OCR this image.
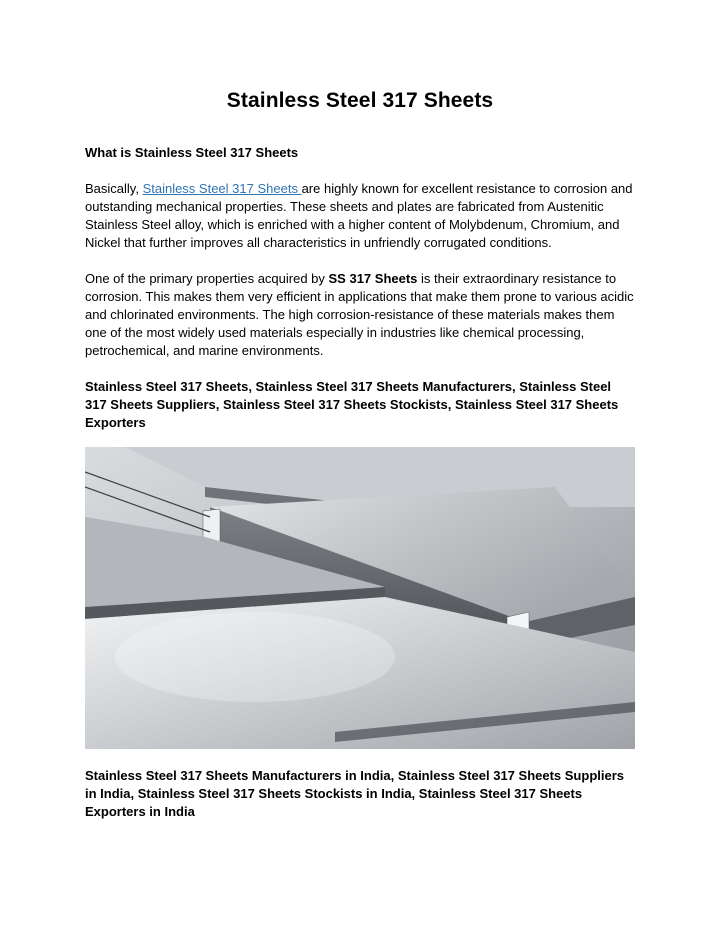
Stainless Steel 317 Sheets
What is Stainless Steel 317 Sheets

Basically, Stainless Steel 317 Sheets are highly known for excellent resistance to corrosion and outstanding mechanical properties. These sheets and plates are fabricated from Austenitic Stainless Steel alloy, which is enriched with a higher content of Molybdenum, Chromium, and Nickel that further improves all characteristics in unfriendly corrugated conditions.

One of the primary properties acquired by SS 317 Sheets is their extraordinary resistance to corrosion. This makes them very efficient in applications that make them prone to various acidic and chlorinated environments. The high corrosion-resistance of these materials makes them one of the most widely used materials especially in industries like chemical processing, petrochemical, and marine environments.

Stainless Steel 317 Sheets, Stainless Steel 317 Sheets Manufacturers, Stainless Steel 317 Sheets Suppliers, Stainless Steel 317 Sheets Stockists, Stainless Steel 317 Sheets Exporters

Stainless Steel 317 Sheets Manufacturers in India, Stainless Steel 317 Sheets Suppliers in India, Stainless Steel 317 Sheets Stockists in India, Stainless Steel 317 Sheets Exporters in India
